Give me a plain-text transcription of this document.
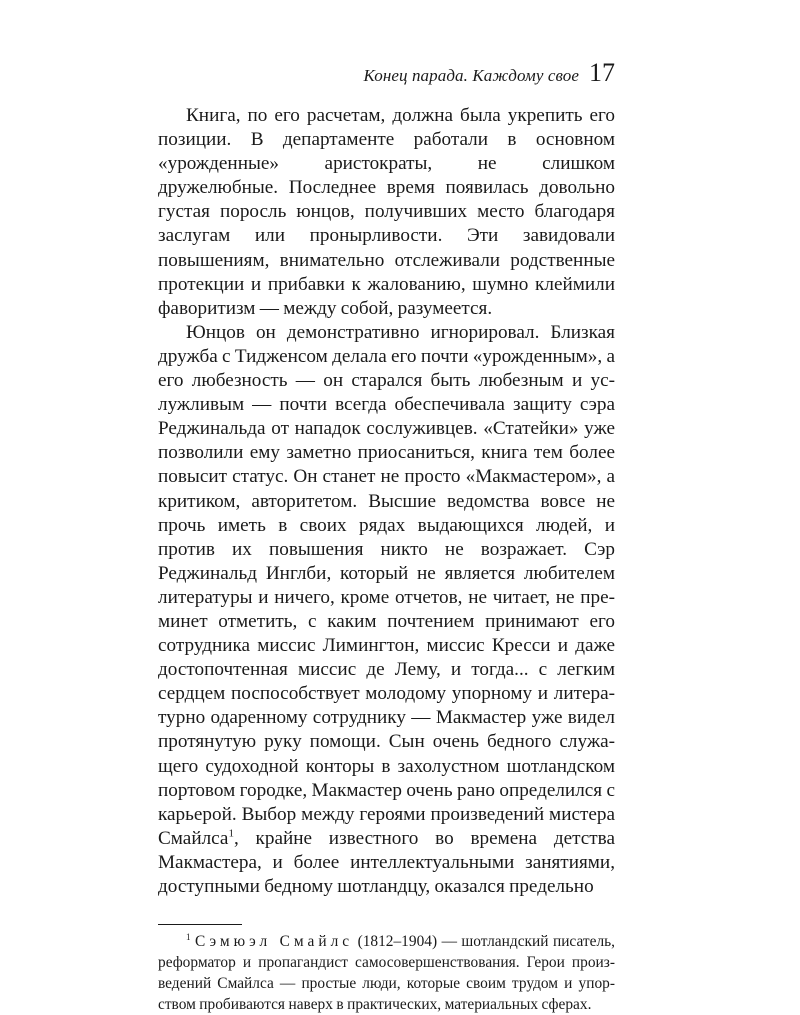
Конец парада. Каждому свое 17

Книга, по его расчетам, должна была укрепить его позиции. В департаменте работали в основном «урожденные» аристократы, не слишком дружелюбные. Последнее время появилась довольно густая поросль юнцов, получивших место благодаря заслугам или пронырливости. Эти завидовали повышениям, внимательно отслеживали родственные протекции и прибавки к жалованию, шумно клеймили фаворитизм — между собой, разумеется.

Юнцов он демонстративно игнорировал. Близкая дружба с Тидженсом делала его почти «урожденным», а его любезность — он старался быть любезным и услужливым — почти всегда обеспечивала защиту сэра Реджинальда от нападок сослуживцев. «Статейки» уже позволили ему заметно приосаниться, книга тем более повысит статус. Он станет не просто «Макмастером», а критиком, авторитетом. Высшие ведомства вовсе не прочь иметь в своих рядах выдающихся людей, и против их повышения никто не возражает. Сэр Реджинальд Инглби, который не является любителем литературы и ничего, кроме отчетов, не читает, не преминет отметить, с каким почтением принимают его сотрудника миссис Лимингтон, миссис Кресси и даже достопочтенная миссис де Лему, и тогда... с легким сердцем поспособствует молодому упорному и литературно одаренному сотруднику — Макмастер уже видел протянутую руку помощи. Сын очень бедного служащего судоходной конторы в захолустном шотландском портовом городке, Макмастер очень рано определился с карьерой. Выбор между героями произведений мистера Смайлса$^1$, крайне известного во времена детства Макмастера, и более интеллектуальными занятиями, доступными бедному шотландцу, оказался предельно

$^1$ Сэмюэл Смайлс (1812–1904) — шотландский писатель, реформатор и пропагандист самосовершенствования. Герои произведений Смайлса — простые люди, которые своим трудом и упорством пробиваются наверх в практических, материальных сферах.
